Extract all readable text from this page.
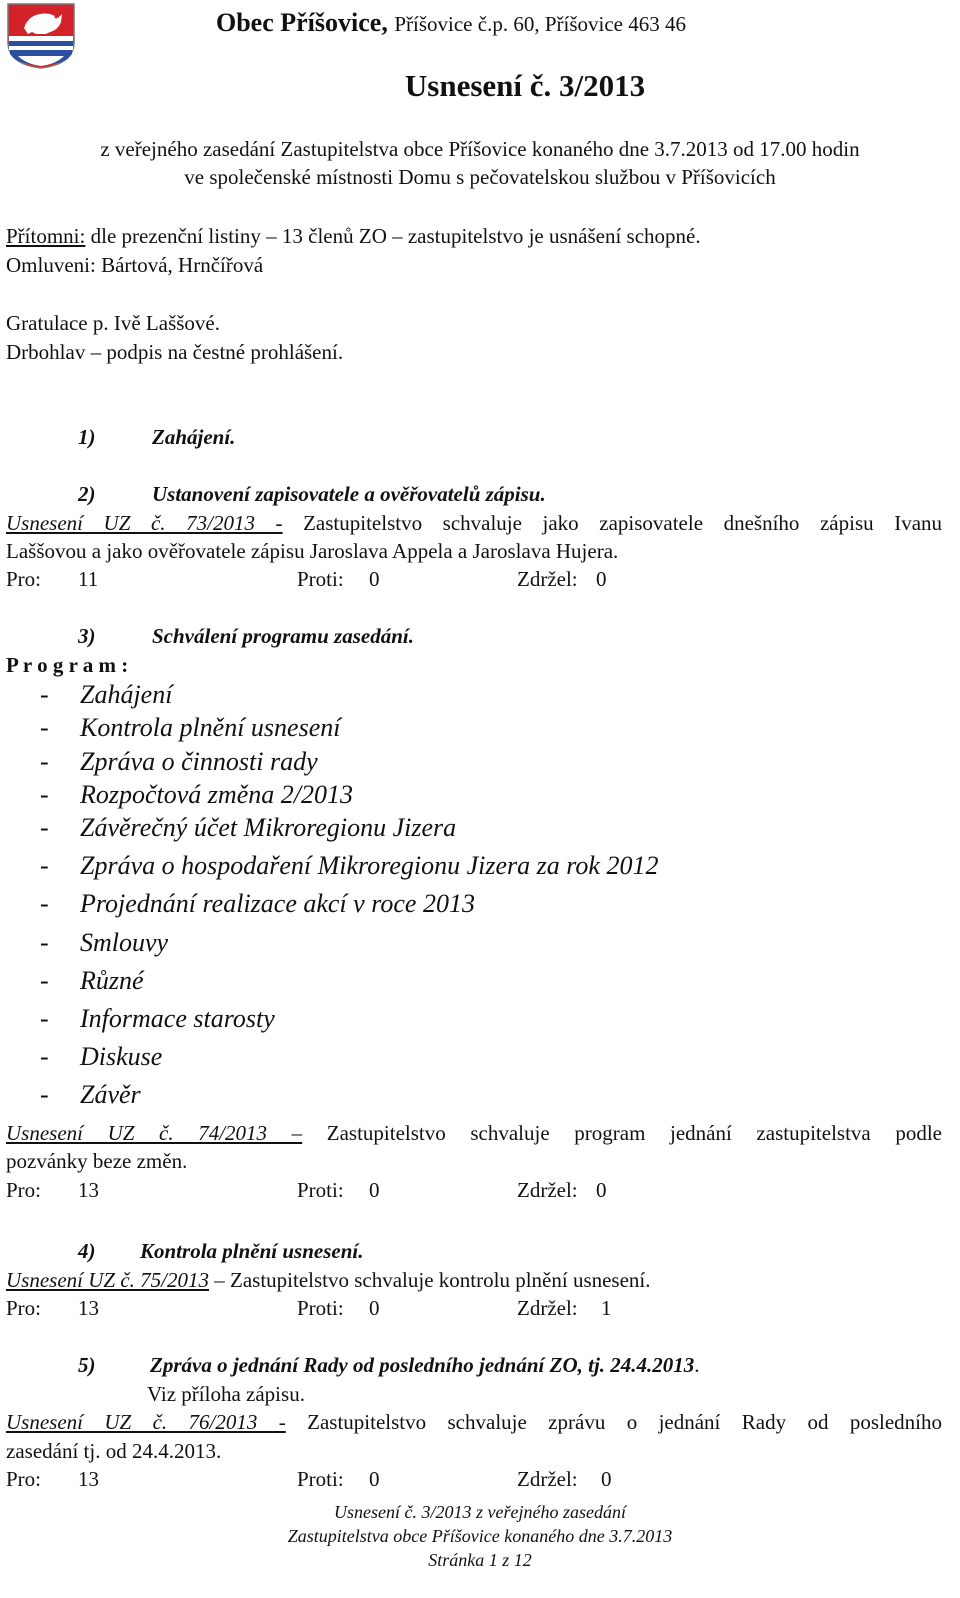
Obec Příšovice, Příšovice č.p. 60, Příšovice 463 46
Usnesení č. 3/2013
z veřejného zasedání Zastupitelstva obce Příšovice konaného dne 3.7.2013 od 17.00 hodin
ve společenské místnosti Domu s pečovatelskou službou v Příšovicích
Přítomni: dle prezenční listiny – 13 členů ZO – zastupitelstvo je usnášení schopné.
Omluveni: Bártová, Hrnčířová
Gratulace p. Ivě Laššové.
Drbohlav – podpis na čestné prohlášení.
1)	Zahájení.
2)	Ustanovení zapisovatele a ověřovatelů zápisu.
Usnesení UZ č. 73/2013 - Zastupitelstvo schvaluje jako zapisovatele dnešního zápisu Ivanu
Laššovou a jako ověřovatele zápisu Jaroslava Appela a Jaroslava Hujera.
Pro: 11	Proti: 0	Zdržel: 0
3)	Schválení programu zasedání.
P r o g r a m :
- Zahájení
- Kontrola plnění usnesení
- Zpráva o činnosti rady
- Rozpočtová změna 2/2013
- Závěrečný účet Mikroregionu Jizera
- Zpráva o hospodaření Mikroregionu Jizera za rok 2012
- Projednání realizace akcí v roce 2013
- Smlouvy
- Různé
- Informace starosty
- Diskuse
- Závěr
Usnesení UZ č. 74/2013 – Zastupitelstvo schvaluje program jednání zastupitelstva podle
pozvánky beze změn.
Pro: 13	Proti: 0	Zdržel: 0
4) Kontrola plnění usnesení.
Usnesení UZ č. 75/2013 – Zastupitelstvo schvaluje kontrolu plnění usnesení.
Pro: 13	Proti: 0	Zdržel: 1
5)	Zpráva o jednání Rady od posledního jednání ZO, tj. 24.4.2013.
Viz příloha zápisu.
Usnesení UZ č. 76/2013 - Zastupitelstvo schvaluje zprávu o jednání Rady od posledního
zasedání tj. od 24.4.2013.
Pro: 13	Proti: 0	Zdržel: 0
Usnesení č. 3/2013 z veřejného zasedání
Zastupitelstva obce Příšovice konaného dne 3.7.2013
Stránka 1 z 12
